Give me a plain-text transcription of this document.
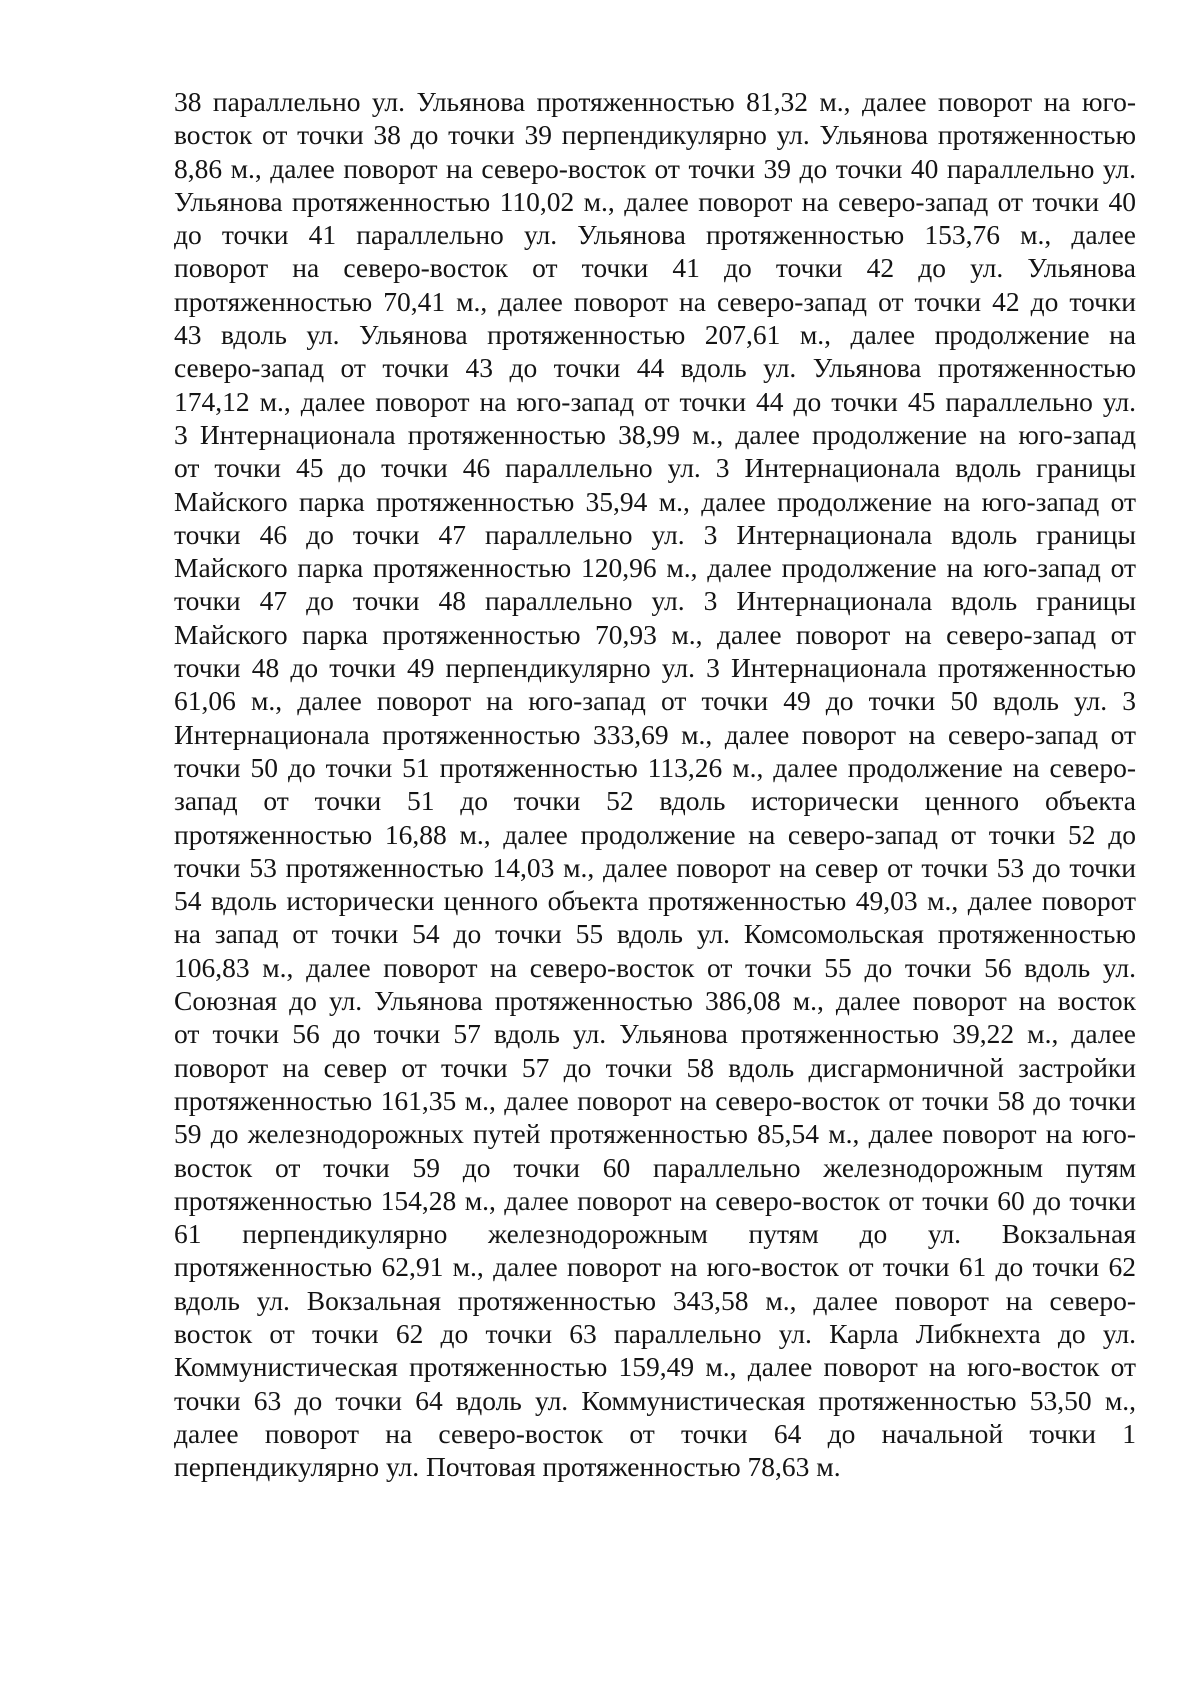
38 параллельно ул. Ульянова протяженностью 81,32 м., далее поворот на юго-
восток от точки 38 до точки 39 перпендикулярно ул. Ульянова протяженностью
8,86 м., далее поворот на северо-восток от точки 39 до точки 40 параллельно ул.
Ульянова протяженностью 110,02 м., далее поворот на северо-запад от точки 40
до точки 41 параллельно ул. Ульянова протяженностью 153,76 м., далее
поворот на северо-восток от точки 41 до точки 42 до ул. Ульянова
протяженностью 70,41 м., далее поворот на северо-запад от точки 42 до точки
43 вдоль ул. Ульянова протяженностью 207,61 м., далее продолжение на
северо-запад от точки 43 до точки 44 вдоль ул. Ульянова протяженностью
174,12 м., далее поворот на юго-запад от точки 44 до точки 45 параллельно ул.
3 Интернационала протяженностью 38,99 м., далее продолжение на юго-запад
от точки 45 до точки 46 параллельно ул. 3 Интернационала вдоль границы
Майского парка протяженностью 35,94 м., далее продолжение на юго-запад от
точки 46 до точки 47 параллельно ул. 3 Интернационала вдоль границы
Майского парка протяженностью 120,96 м., далее продолжение на юго-запад от
точки 47 до точки 48 параллельно ул. 3 Интернационала вдоль границы
Майского парка протяженностью 70,93 м., далее поворот на северо-запад от
точки 48 до точки 49 перпендикулярно ул. 3 Интернационала протяженностью
61,06 м., далее поворот на юго-запад от точки 49 до точки 50 вдоль ул. 3
Интернационала протяженностью 333,69 м., далее поворот на северо-запад от
точки 50 до точки 51 протяженностью 113,26 м., далее продолжение на северо-
запад от точки 51 до точки 52 вдоль исторически ценного объекта
протяженностью 16,88 м., далее продолжение на северо-запад от точки 52 до
точки 53 протяженностью 14,03 м., далее поворот на север от точки 53 до точки
54 вдоль исторически ценного объекта протяженностью 49,03 м., далее поворот
на запад от точки 54 до точки 55 вдоль ул. Комсомольская протяженностью
106,83 м., далее поворот на северо-восток от точки 55 до точки 56 вдоль ул.
Союзная до ул. Ульянова протяженностью 386,08 м., далее поворот на восток
от точки 56 до точки 57 вдоль ул. Ульянова протяженностью 39,22 м., далее
поворот на север от точки 57 до точки 58 вдоль дисгармоничной застройки
протяженностью 161,35 м., далее поворот на северо-восток от точки 58 до точки
59 до железнодорожных путей протяженностью 85,54 м., далее поворот на юго-
восток от точки 59 до точки 60 параллельно железнодорожным путям
протяженностью 154,28 м., далее поворот на северо-восток от точки 60 до точки
61 перпендикулярно железнодорожным путям до ул. Вокзальная
протяженностью 62,91 м., далее поворот на юго-восток от точки 61 до точки 62
вдоль ул. Вокзальная протяженностью 343,58 м., далее поворот на северо-
восток от точки 62 до точки 63 параллельно ул. Карла Либкнехта до ул.
Коммунистическая протяженностью 159,49 м., далее поворот на юго-восток от
точки 63 до точки 64 вдоль ул. Коммунистическая протяженностью 53,50 м.,
далее поворот на северо-восток от точки 64 до начальной точки 1
перпендикулярно ул. Почтовая протяженностью 78,63 м.
